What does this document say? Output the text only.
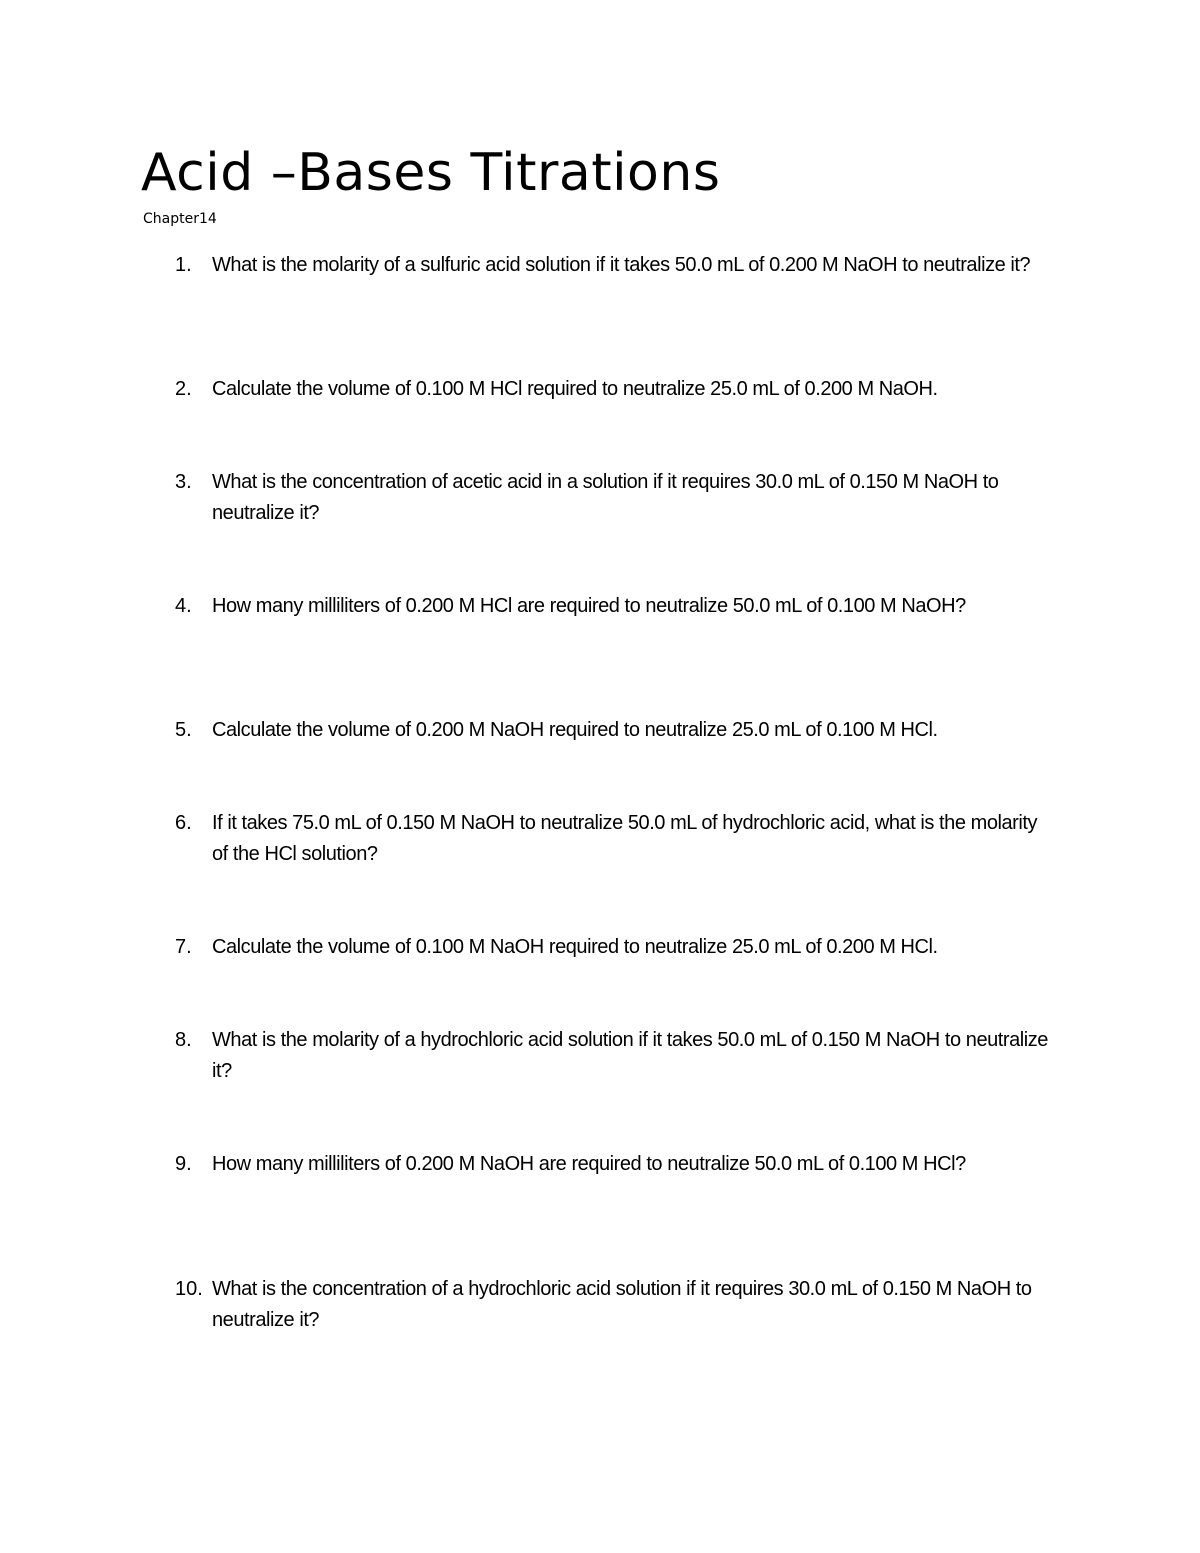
Acid –Bases Titrations
Chapter14
1. What is the molarity of a sulfuric acid solution if it takes 50.0 mL of 0.200 M NaOH to neutralize it?
2. Calculate the volume of 0.100 M HCl required to neutralize 25.0 mL of 0.200 M NaOH.
3. What is the concentration of acetic acid in a solution if it requires 30.0 mL of 0.150 M NaOH to neutralize it?
4. How many milliliters of 0.200 M HCl are required to neutralize 50.0 mL of 0.100 M NaOH?
5. Calculate the volume of 0.200 M NaOH required to neutralize 25.0 mL of 0.100 M HCl.
6. If it takes 75.0 mL of 0.150 M NaOH to neutralize 50.0 mL of hydrochloric acid, what is the molarity of the HCl solution?
7. Calculate the volume of 0.100 M NaOH required to neutralize 25.0 mL of 0.200 M HCl.
8. What is the molarity of a hydrochloric acid solution if it takes 50.0 mL of 0.150 M NaOH to neutralize it?
9. How many milliliters of 0.200 M NaOH are required to neutralize 50.0 mL of 0.100 M HCl?
10. What is the concentration of a hydrochloric acid solution if it requires 30.0 mL of 0.150 M NaOH to neutralize it?
